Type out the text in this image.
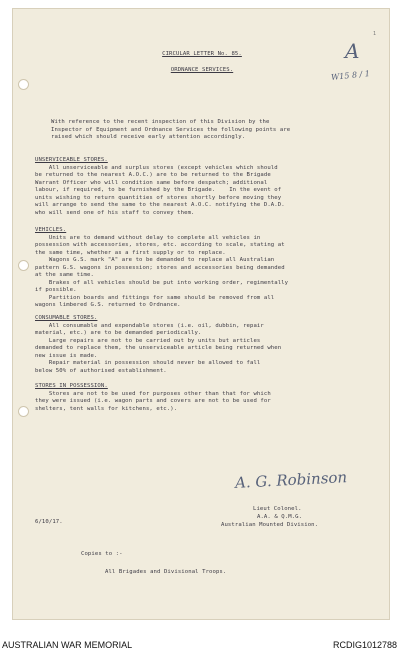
1
A
W15 8 / 1
CIRCULAR LETTER No. 85.
ORDNANCE SERVICES.
With reference to the recent inspection of this Division by the
Inspector of Equipment and Ordnance Services the following points are
raised which should receive early attention accordingly.
UNSERVICEABLE STORES.
All unserviceable and surplus stores (except vehicles which should
be returned to the nearest A.O.C.) are to be returned to the Brigade
Warrant Officer who will condition same before despatch; additional
labour, if required, to be furnished by the Brigade.    In the event of
units wishing to return quantities of stores shortly before moving they
will arrange to send the same to the nearest A.O.C. notifying the D.A.D.
who will send one of his staff to convey them.
VEHICLES.
Units are to demand without delay to complete all vehicles in
possession with accessories, stores, etc. according to scale, stating at
the same time, whether as a first supply or to replace.
Wagons G.S. mark "A" are to be demanded to replace all Australian
pattern G.S. wagons in possession; stores and accessories being demanded
at the same time.
Brakes of all vehicles should be put into working order, regimentally
if possible.
Partition boards and fittings for same should be removed from all
wagons limbered G.S. returned to Ordnance.
CONSUMABLE STORES.
All consumable and expendable stores (i.e. oil, dubbin, repair
material, etc.) are to be demanded periodically.
Large repairs are not to be carried out by units but articles
demanded to replace them, the unserviceable article being returned when
new issue is made.
Repair material in possession should never be allowed to fall
below 50% of authorised establishment.
STORES IN POSSESSION.
Stores are not to be used for purposes other than that for which
they were issued (i.e. wagon parts and covers are not to be used for
shelters, tent walls for kitchens, etc.).
A. G. Robinson
Lieut Colonel.
A.A. & Q.M.G.
Australian Mounted Division.
6/10/17.
Copies to :-
All Brigades and Divisional Troops.
AUSTRALIAN WAR MEMORIAL	RCDIG1012788
